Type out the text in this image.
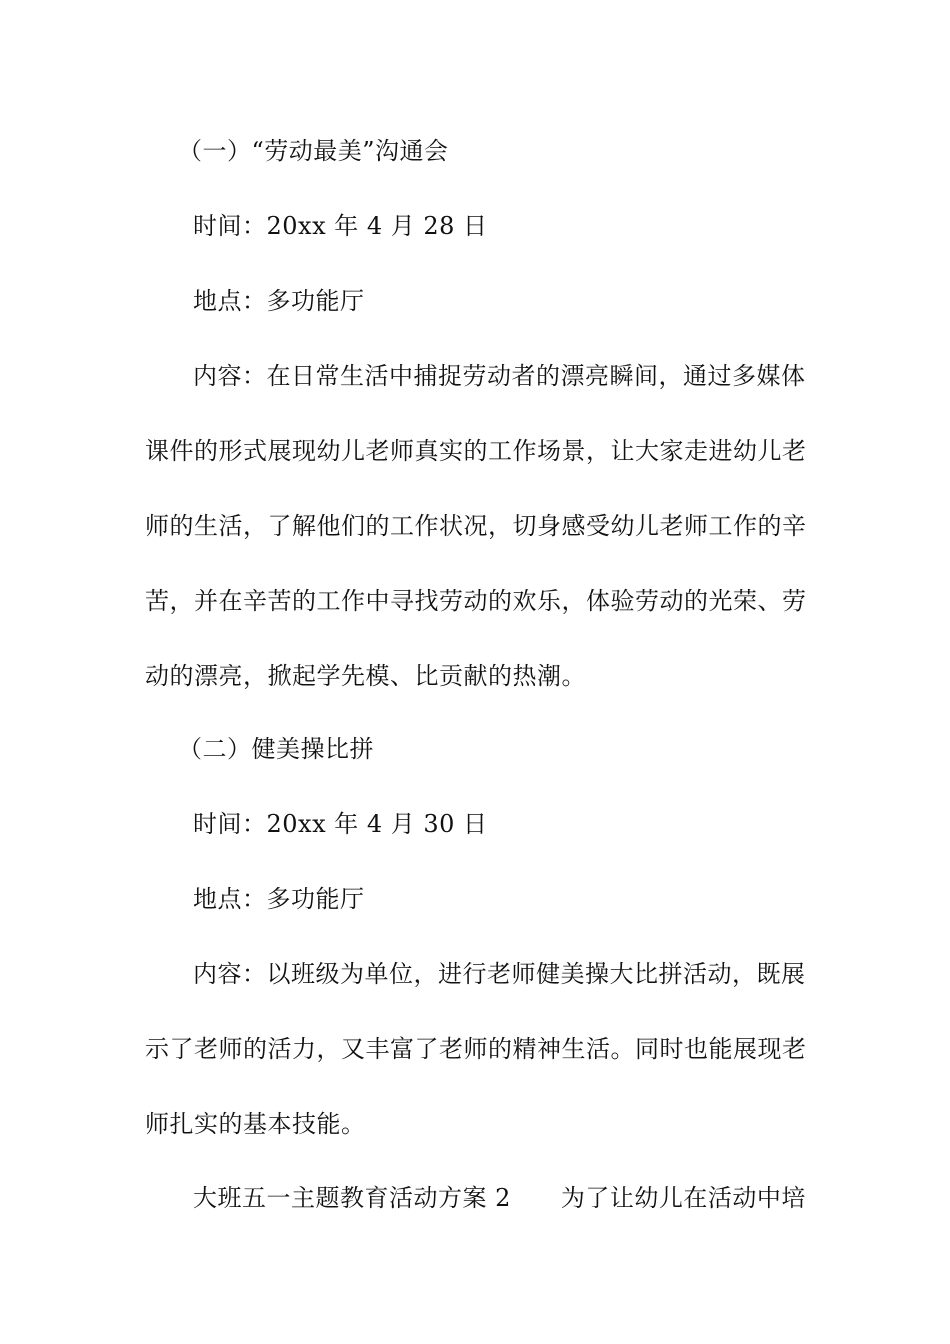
（一）“劳动最美”沟通会
时间：20xx 年 4 月 28 日
地点：多功能厅
内容：在日常生活中捕捉劳动者的漂亮瞬间，通过多媒体
课件的形式展现幼儿老师真实的工作场景，让大家走进幼儿老
师的生活，了解他们的工作状况，切身感受幼儿老师工作的辛
苦，并在辛苦的工作中寻找劳动的欢乐，体验劳动的光荣、劳
动的漂亮，掀起学先模、比贡献的热潮。
（二）健美操比拼
时间：20xx 年 4 月 30 日
地点：多功能厅
内容：以班级为单位，进行老师健美操大比拼活动，既展
示了老师的活力，又丰富了老师的精神生活。同时也能展现老
师扎实的基本技能。
大班五一主题教育活动方案 2 为了让幼儿在活动中培
